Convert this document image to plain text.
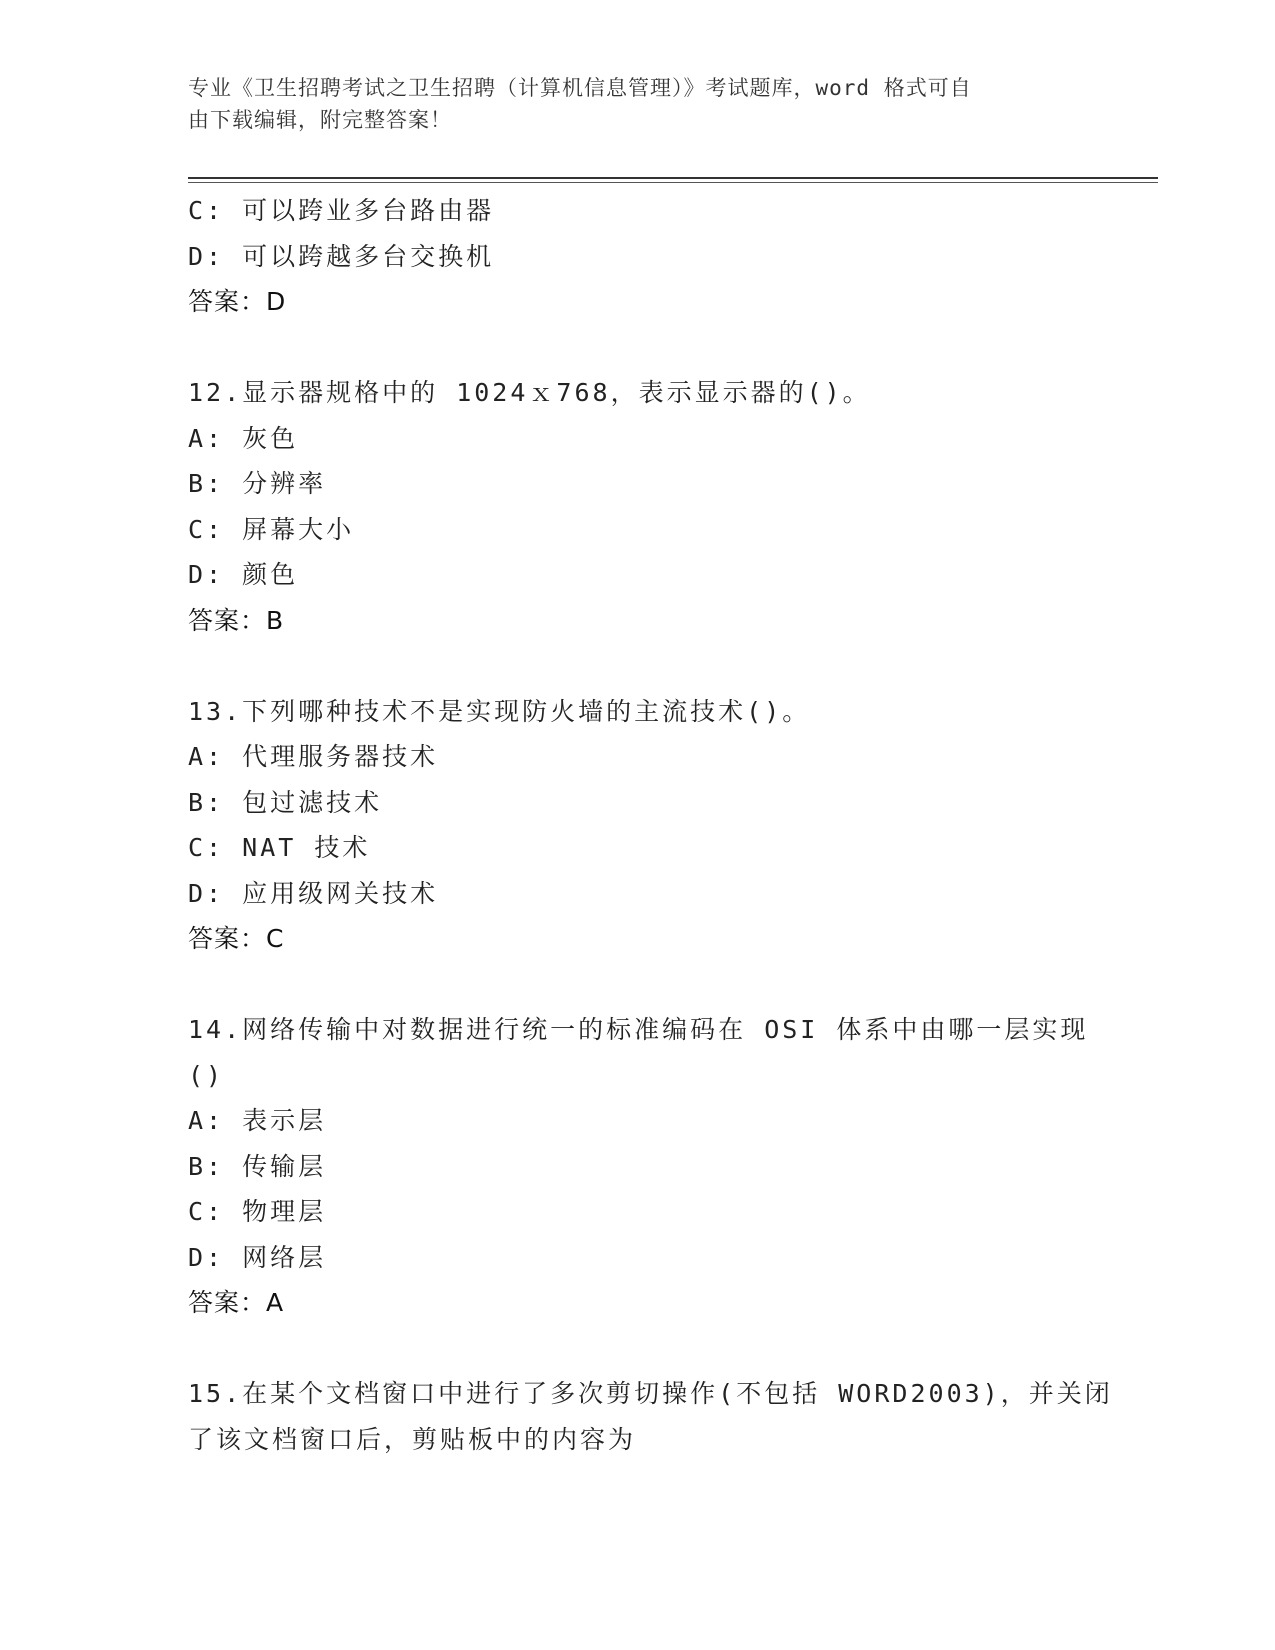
专业《卫生招聘考试之卫生招聘（计算机信息管理）》考试题库，word 格式可自
由下载编辑，附完整答案！
C: 可以跨业多台路由器
D: 可以跨越多台交换机
答案：D
12.显示器规格中的 1024ｘ768，表示显示器的()。
A: 灰色
B: 分辨率
C: 屏幕大小
D: 颜色
答案：B
13.下列哪种技术不是实现防火墙的主流技术()。
A: 代理服务器技术
B: 包过滤技术
C: NAT 技术
D: 应用级网关技术
答案：C
14.网络传输中对数据进行统一的标准编码在 OSI 体系中由哪一层实现
()
A: 表示层
B: 传输层
C: 物理层
D: 网络层
答案：A
15.在某个文档窗口中进行了多次剪切操作(不包括 WORD2003)，并关闭
了该文档窗口后，剪贴板中的内容为
